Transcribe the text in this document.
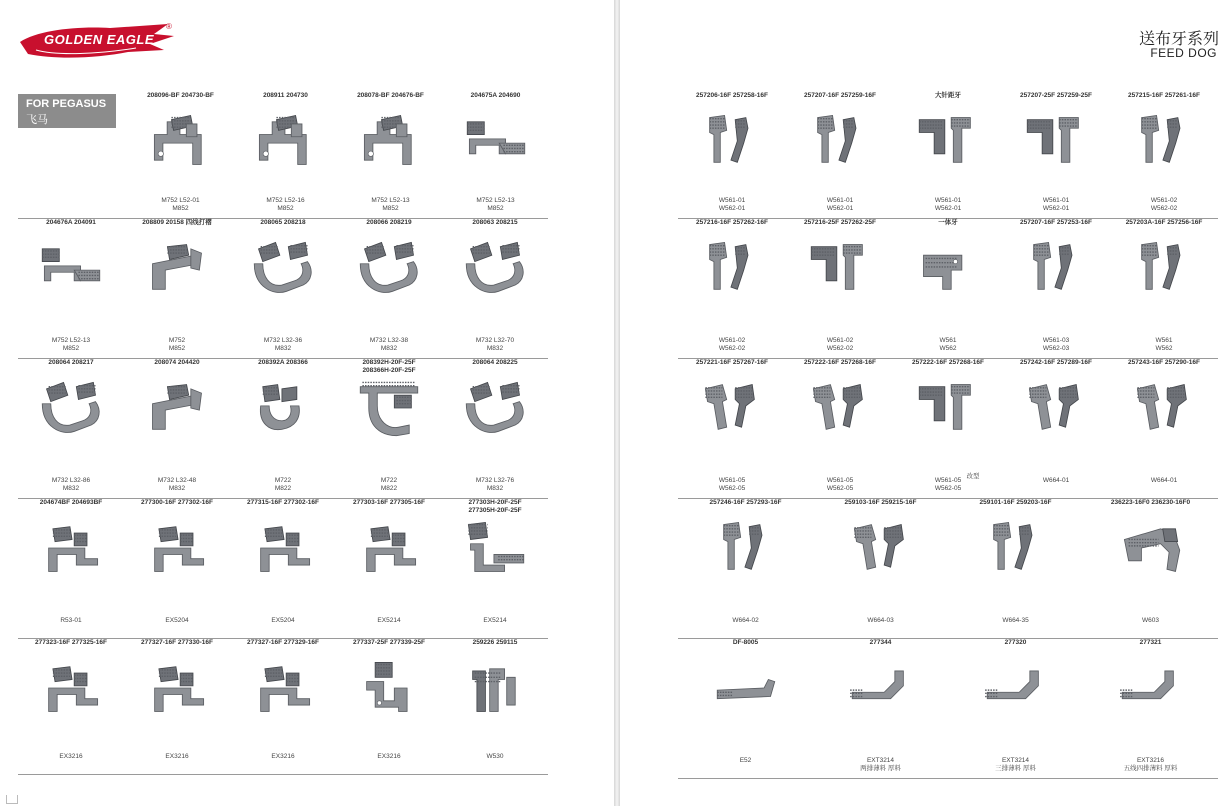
GOLDEN EAGLE
®
FOR PEGASUS
飞马
208096-BF 204730-BF
M752 L52-01
M852
208911 204730
M752 L52-16
M852
208078-BF 204676-BF
M752 L52-13
M852
204675A 204690
M752 L52-13
M852
204676A 204091
M752 L52-13
M852
208809 20158 四线打褶
M752
M852
208065 208218
M732 L32-36
M832
208066 208219
M732 L32-38
M832
208063 208215
M732 L32-70
M832
208064 208217
M732 L32-86
M832
208074 204420
M732 L32-48
M832
208392A 208366
M722
M822
208392H-20F-25F
208366H-20F-25F
M722
M822
208064 208225
M732 L32-76
M832
204674BF 204693BF
R53-01
277300-16F 277302-16F
EX5204
277315-16F 277302-16F
EX5204
277303-16F 277305-16F
EX5214
277303H-20F-25F
277305H-20F-25F
EX5214
277323-16F 277325-16F
EX3216
277327-16F 277330-16F
EX3216
277327-16F 277329-16F
EX3216
277337-25F 277339-25F
EX3216
259226 259115
W530
送布牙系列
FEED DOG
257206-16F 257258-16F
W561-01
W562-01
257207-16F 257259-16F
W561-01
W562-01
大针距牙
W561-01
W562-01
257207-25F 257259-25F
W561-01
W562-01
257215-16F 257261-16F
W561-02
W562-02
257216-16F 257262-16F
W561-02
W562-02
257216-25F 257262-25F
W561-02
W562-02
一体牙
W561
W562
257207-16F 257253-16F
W561-03
W562-03
257203A-16F 257256-16F
W561
W562
257221-16F 257267-16F
W561-05
W562-05
257222-16F 257268-16F
W561-05
W562-05
257222-16F 257268-16F
W561-05
W562-05
改型
257242-16F 257289-16F
W664-01
257243-16F 257290-16F
W664-01
257246-16F 257293-16F
W664-02
259103-16F 259215-16F
W664-03
259101-16F 259203-16F
W664-35
236223-16F0 236230-16F0
W603
DF-8005
E52
277344
EXT3214
两排薄料 厚料
277320
EXT3214
三排薄料 厚料
277321
EXT3216
五线四排薄料 厚料
